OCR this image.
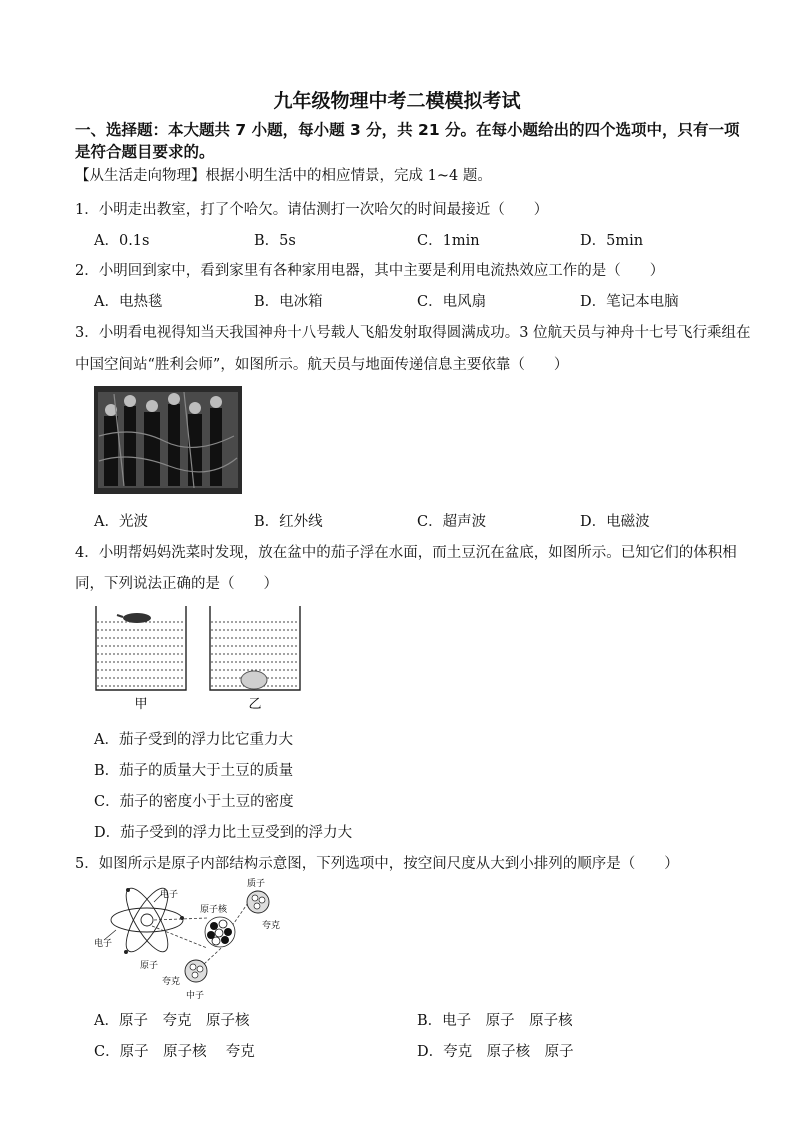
九年级物理中考二模模拟考试
一、选择题：本大题共 7 小题，每小题 3 分，共 21 分。在每小题给出的四个选项中，只有一项
是符合题目要求的。
【从生活走向物理】根据小明生活中的相应情景，完成 1~4 题。
1．小明走出教室，打了个哈欠。请估测打一次哈欠的时间最接近（　　）
A．0.1s	B．5s	C．1min	D．5min
2．小明回到家中，看到家里有各种家用电器，其中主要是利用电流热效应工作的是（　　）
A．电热毯	B．电冰箱	C．电风扇	D．笔记本电脑
3．小明看电视得知当天我国神舟十八号载人飞船发射取得圆满成功。3 位航天员与神舟十七号飞行乘组在
中国空间站“胜利会师”，如图所示。航天员与地面传递信息主要依靠（　　）
A．光波	B．红外线	C．超声波	D．电磁波
4．小明帮妈妈洗菜时发现，放在盆中的茄子浮在水面，而土豆沉在盆底，如图所示。已知它们的体积相
同，下列说法正确的是（　　）
甲	乙
A．茄子受到的浮力比它重力大
B．茄子的质量大于土豆的质量
C．茄子的密度小于土豆的密度
D．茄子受到的浮力比土豆受到的浮力大
5．如图所示是原子内部结构示意图，下列选项中，按空间尺度从大到小排列的顺序是（　　）
电子
原子核
原子
质子
夸克
电子
夸克
中子
A．原子　夸克　原子核	B．电子　原子　原子核
C．原子　原子核　 夸克	D．夸克　原子核　原子
